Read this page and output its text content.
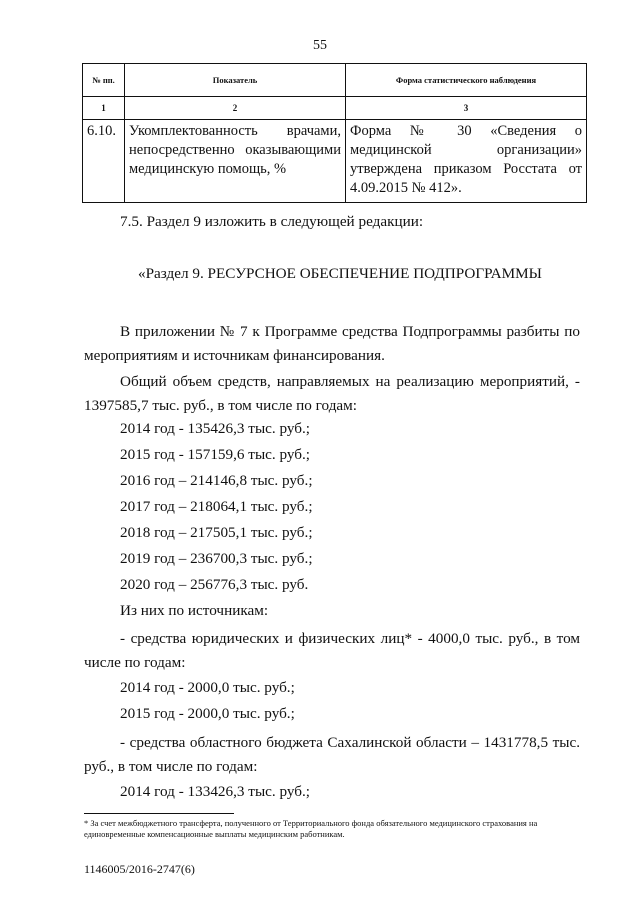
55
№ пп.	Показатель	Форма статистического наблюдения
1	2	3
6.10.	Укомплектованность врачами, непосредственно оказывающими медицинскую помощь, %	Форма № 30 «Сведения о медицинской организации» утверждена приказом Росстата от 4.09.2015 № 412».
7.5. Раздел 9 изложить в следующей редакции:
«Раздел 9. РЕСУРСНОЕ ОБЕСПЕЧЕНИЕ ПОДПРОГРАММЫ
В приложении № 7 к Программе средства Подпрограммы разбиты по мероприятиям и источникам финансирования.
Общий объем средств, направляемых на реализацию мероприятий, - 1397585,7 тыс. руб., в том числе по годам:
2014 год - 135426,3 тыс. руб.;
2015 год - 157159,6 тыс. руб.;
2016 год – 214146,8 тыс. руб.;
2017 год – 218064,1 тыс. руб.;
2018 год – 217505,1 тыс. руб.;
2019 год – 236700,3 тыс. руб.;
2020 год – 256776,3 тыс. руб.
Из них по источникам:
- средства юридических и физических лиц* - 4000,0 тыс. руб., в том числе по годам:
2014 год - 2000,0 тыс. руб.;
2015 год - 2000,0 тыс. руб.;
- средства областного бюджета Сахалинской области – 1431778,5 тыс. руб., в том числе по годам:
2014 год - 133426,3 тыс. руб.;
* За счет межбюджетного трансферта, полученного от Территориального фонда обязательного медицинского страхования на единовременные компенсационные выплаты медицинским работникам.
1146005/2016-2747(6)
